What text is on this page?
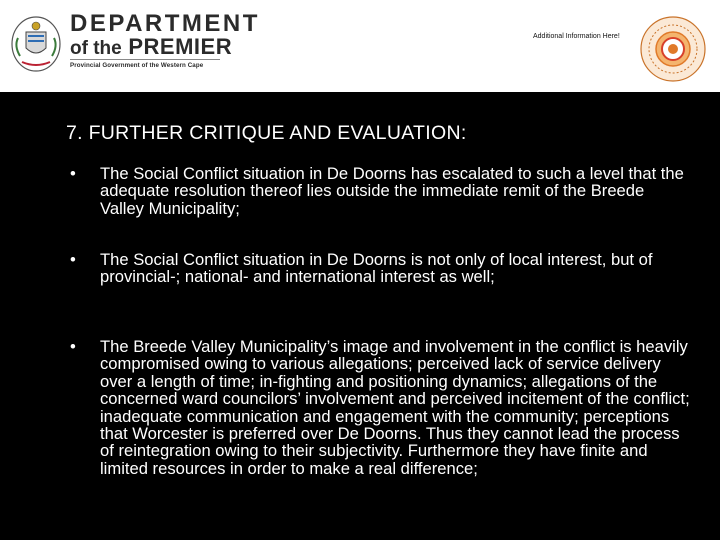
DEPARTMENT
of the PREMIER
Provincial Government of the Western Cape
Additional Information Here!
7. FURTHER CRITIQUE AND EVALUATION:
•	The Social Conflict situation in De Doorns has escalated to such a level that the adequate resolution thereof lies outside the immediate remit of the Breede Valley Municipality;
•	The Social Conflict situation in De Doorns is not only of local interest, but of provincial-; national- and international interest as well;
•	The Breede Valley Municipality’s image and involvement in the conflict is heavily compromised owing to various allegations; perceived lack of service delivery over a length of time; in-fighting and positioning dynamics; allegations of the concerned ward councilors’ involvement and perceived incitement of the conflict; inadequate communication and engagement with the community; perceptions that Worcester is preferred over De Doorns. Thus they cannot lead the process of reintegration owing to their subjectivity. Furthermore they have finite and limited resources in order to make a real difference;
